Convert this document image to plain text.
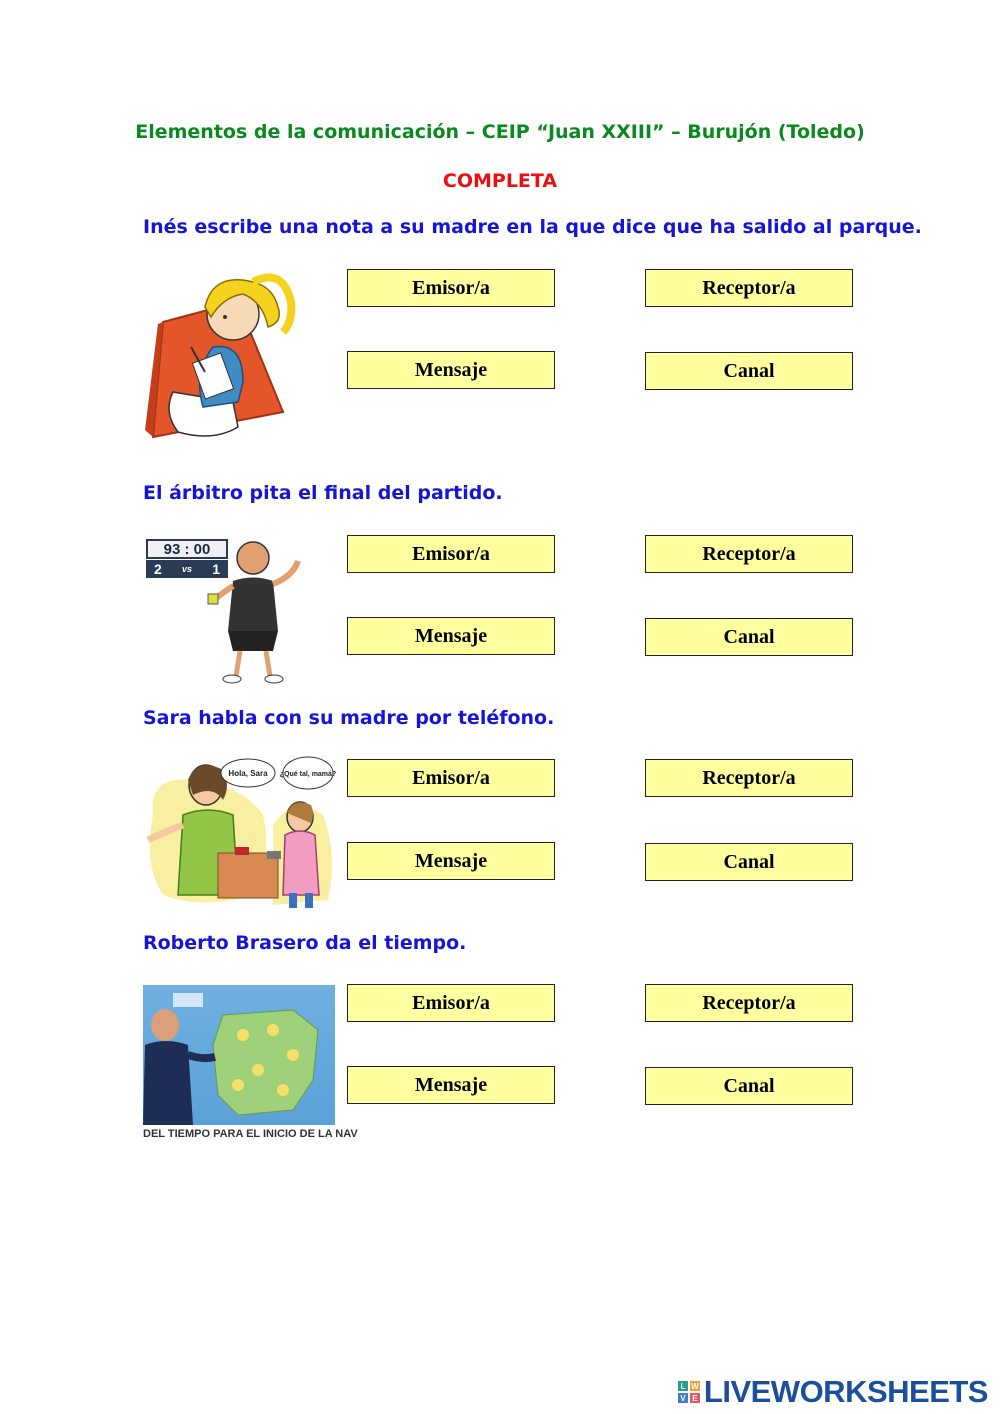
Elementos de la comunicación – CEIP “Juan XXIII” – Burujón (Toledo)
COMPLETA
Inés escribe una nota a su madre en la que dice que ha salido al parque.
Emisor/a	Receptor/a
Mensaje	Canal
El árbitro pita el final del partido.
93 : 00
2 vs 1
Emisor/a	Receptor/a
Mensaje	Canal
Sara habla con su madre por teléfono.
Hola, Sara ¿Qué tal, mamá?	Emisor/a	Receptor/a
Mensaje	Canal
Roberto Brasero da el tiempo.
DEL TIEMPO PARA EL INICIO DE LA NAV
Emisor/a	Receptor/a
Mensaje	Canal
L W
V E LIVEWORKSHEETS
